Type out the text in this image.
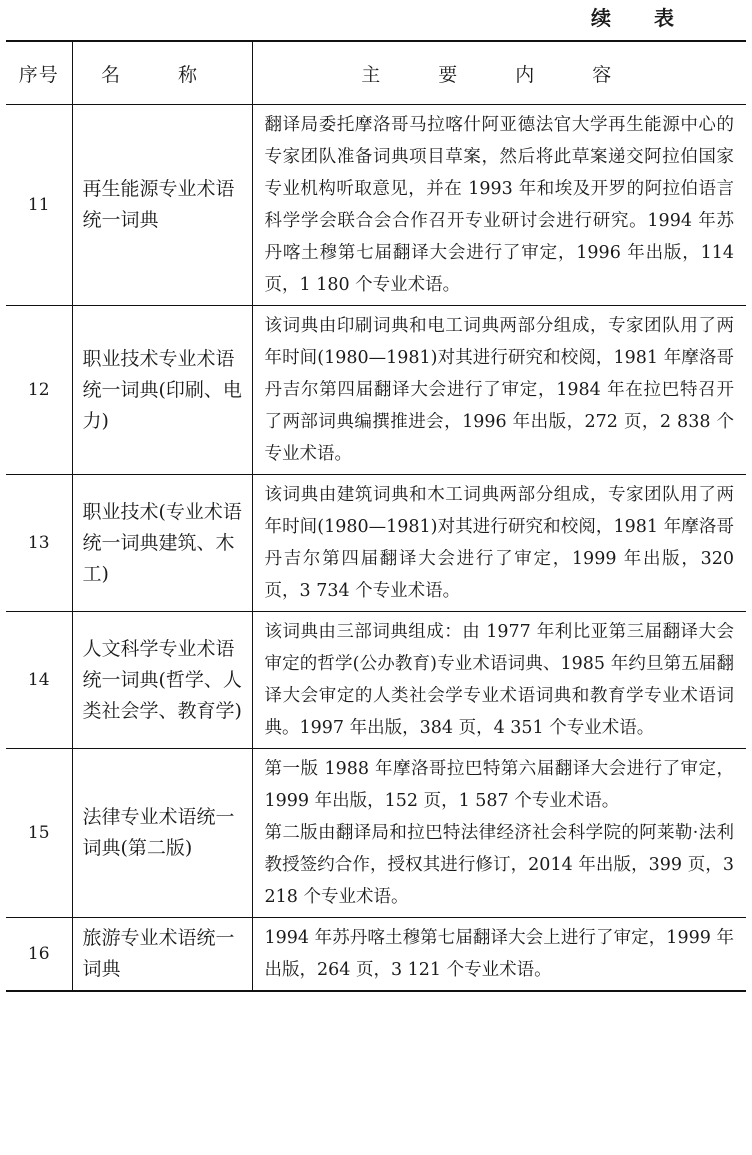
续 表
序号	名 称	主 要 内 容
11	再生能源专业术语统一词典	翻译局委托摩洛哥马拉喀什阿亚德法官大学再生能源中心的专家团队准备词典项目草案，然后将此草案递交阿拉伯国家专业机构听取意见，并在 1993 年和埃及开罗的阿拉伯语言科学学会联合会合作召开专业研讨会进行研究。1994 年苏丹喀土穆第七届翻译大会进行了审定，1996 年出版，114 页，1 180 个专业术语。

12	职业技术专业术语统一词典(印刷、电力)	该词典由印刷词典和电工词典两部分组成，专家团队用了两年时间(1980—1981)对其进行研究和校阅，1981 年摩洛哥丹吉尔第四届翻译大会进行了审定，1984 年在拉巴特召开了两部词典编撰推进会，1996 年出版，272 页，2 838 个专业术语。

13	职业技术(专业术语统一词典建筑、木工)	该词典由建筑词典和木工词典两部分组成，专家团队用了两年时间(1980—1981)对其进行研究和校阅，1981 年摩洛哥丹吉尔第四届翻译大会进行了审定，1999 年出版，320 页，3 734 个专业术语。

14	人文科学专业术语统一词典(哲学、人类社会学、教育学)	该词典由三部词典组成：由 1977 年利比亚第三届翻译大会审定的哲学(公办教育)专业术语词典、1985 年约旦第五届翻译大会审定的人类社会学专业术语词典和教育学专业术语词典。1997 年出版，384 页，4 351 个专业术语。

15	法律专业术语统一词典(第二版)	第一版 1988 年摩洛哥拉巴特第六届翻译大会进行了审定，1999 年出版，152 页，1 587 个专业术语。
第二版由翻译局和拉巴特法律经济社会科学院的阿莱勒·法利教授签约合作，授权其进行修订，2014 年出版，399 页，3 218 个专业术语。

16	旅游专业术语统一词典	1994 年苏丹喀土穆第七届翻译大会上进行了审定，1999 年出版，264 页，3 121 个专业术语。
